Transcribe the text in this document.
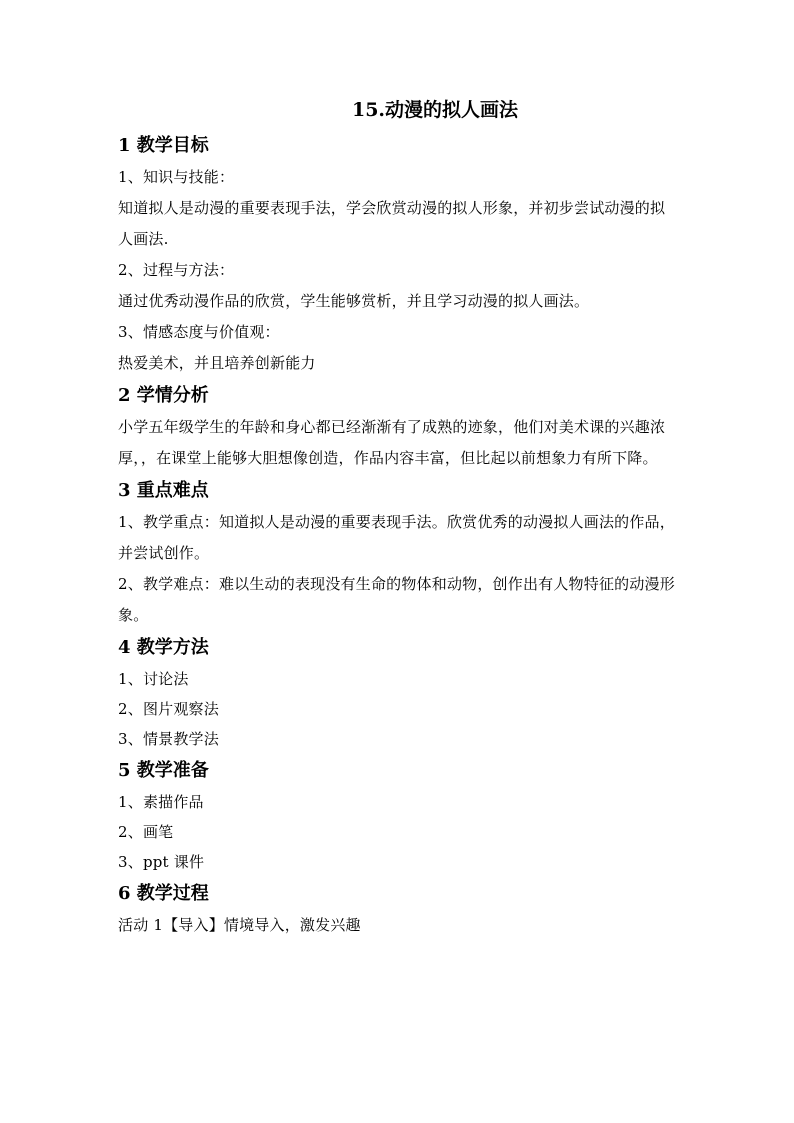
15.动漫的拟人画法
1 教学目标

1、知识与技能：

知道拟人是动漫的重要表现手法，学会欣赏动漫的拟人形象，并初步尝试动漫的拟人画法.

2、过程与方法：

通过优秀动漫作品的欣赏，学生能够赏析，并且学习动漫的拟人画法。

3、情感态度与价值观：

热爱美术，并且培养创新能力

2 学情分析

小学五年级学生的年龄和身心都已经渐渐有了成熟的迹象，他们对美术课的兴趣浓厚，，在课堂上能够大胆想像创造，作品内容丰富，但比起以前想象力有所下降。

3 重点难点

1、教学重点：知道拟人是动漫的重要表现手法。欣赏优秀的动漫拟人画法的作品，并尝试创作。

2、教学难点：难以生动的表现没有生命的物体和动物，创作出有人物特征的动漫形象。

4 教学方法

1、讨论法

2、图片观察法

3、情景教学法

5 教学准备

1、素描作品

2、画笔

3、ppt 课件

6 教学过程

活动 1【导入】情境导入，激发兴趣
